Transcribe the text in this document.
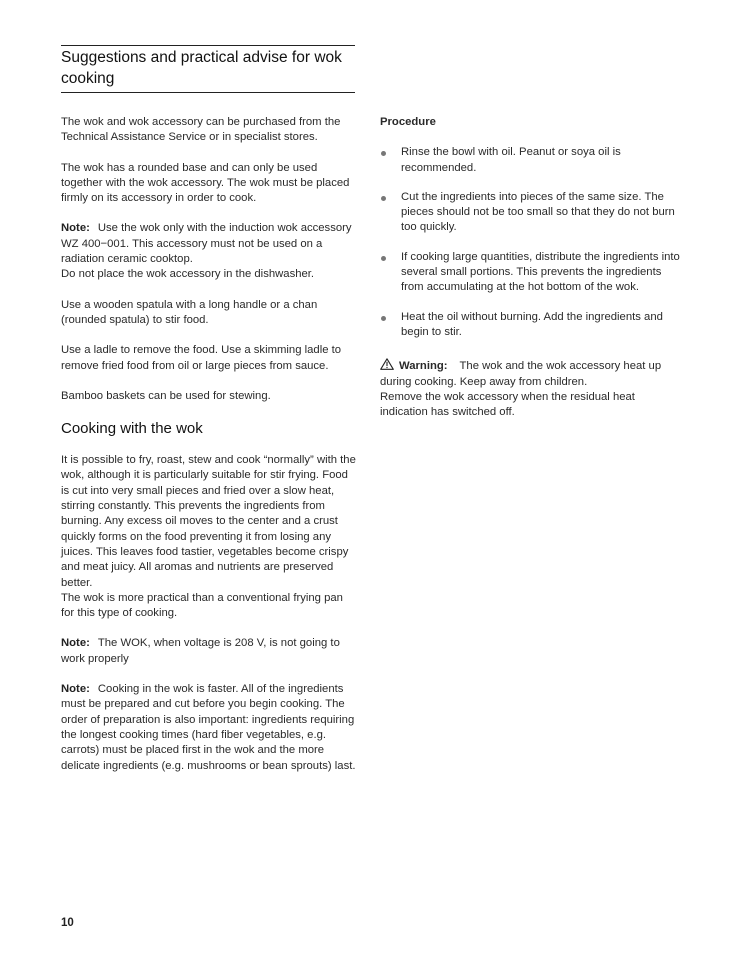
Suggestions and practical advise for wok cooking

The wok and wok accessory can be purchased from the Technical Assistance Service or in specialist stores.

The wok has a rounded base and can only be used together with the wok accessory. The wok must be placed firmly on its accessory in order to cook.

Note: Use the wok only with the induction wok accessory WZ 400−001. This accessory must not be used on a radiation ceramic cooktop.
Do not place the wok accessory in the dishwasher.

Use a wooden spatula with a long handle or a chan (rounded spatula) to stir food.

Use a ladle to remove the food. Use a skimming ladle to remove fried food from oil or large pieces from sauce.

Bamboo baskets can be used for stewing.

Cooking with the wok

It is possible to fry, roast, stew and cook “normally” with the wok, although it is particularly suitable for stir frying. Food is cut into very small pieces and fried over a slow heat, stirring constantly. This prevents the ingredients from burning. Any excess oil moves to the center and a crust quickly forms on the food preventing it from losing any juices. This leaves food tastier, vegetables become crispy and meat juicy. All aromas and nutrients are preserved better.
The wok is more practical than a conventional frying pan for this type of cooking.

Note: The WOK, when voltage is 208 V, is not going to work properly

Note: Cooking in the wok is faster. All of the ingredients must be prepared and cut before you begin cooking. The order of preparation is also important: ingredients requiring the longest cooking times (hard fiber vegetables, e.g. carrots) must be placed first in the wok and the more delicate ingredients (e.g. mushrooms or bean sprouts) last.

Procedure

Rinse the bowl with oil. Peanut or soya oil is recommended.
Cut the ingredients into pieces of the same size. The pieces should not be too small so that they do not burn too quickly.
If cooking large quantities, distribute the ingredients into several small portions. This prevents the ingredients from accumulating at the hot bottom of the wok.
Heat the oil without burning. Add the ingredients and begin to stir.

Warning: The wok and the wok accessory heat up during cooking. Keep away from children.
Remove the wok accessory when the residual heat indication has switched off.

10
